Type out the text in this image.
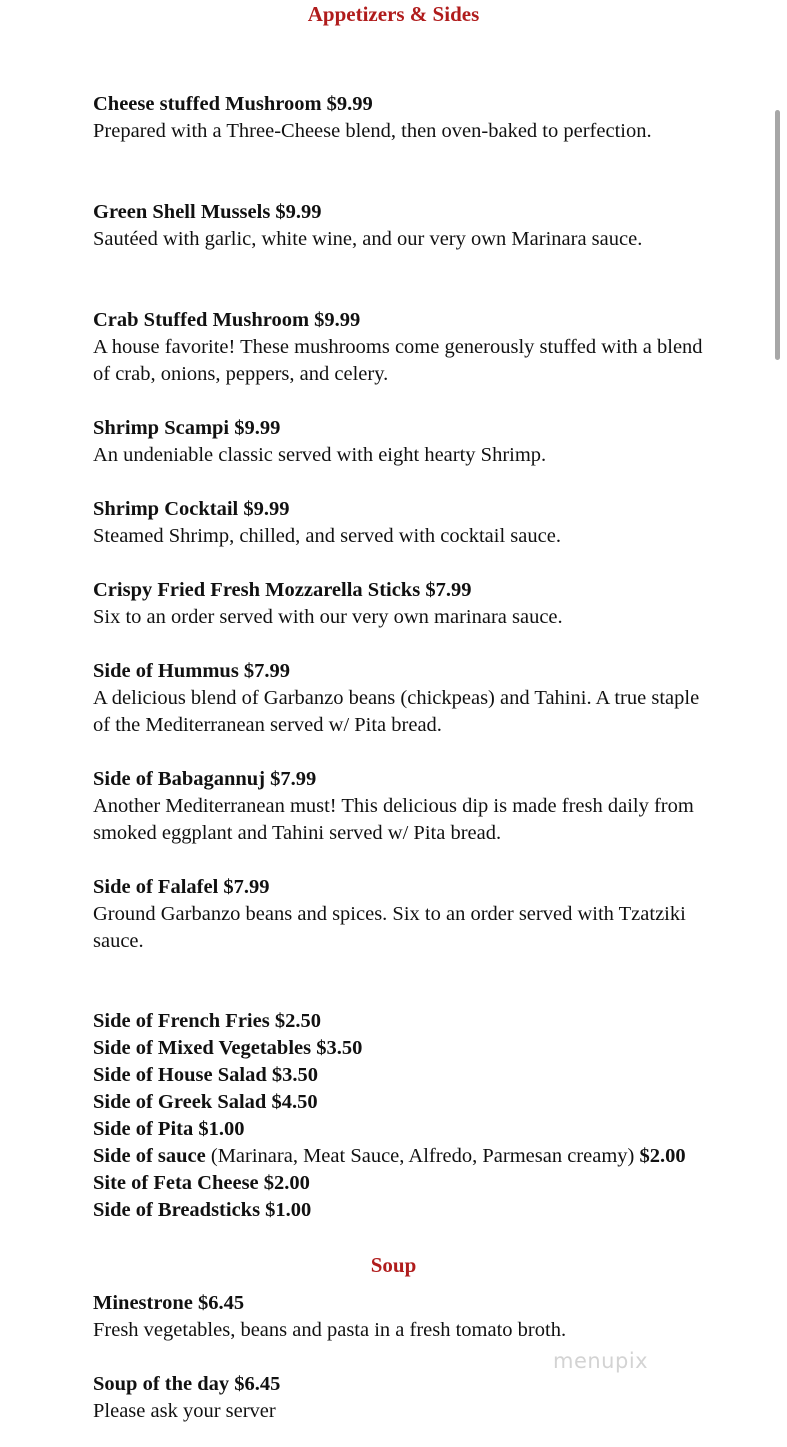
Appetizers & Sides
Cheese stuffed Mushroom $9.99
Prepared with a Three-Cheese blend, then oven-baked to perfection.
Green Shell Mussels $9.99
Sautéed with garlic, white wine, and our very own Marinara sauce.
Crab Stuffed Mushroom $9.99
A house favorite! These mushrooms come generously stuffed with a blend of crab, onions, peppers, and celery.
Shrimp Scampi $9.99
An undeniable classic served with eight hearty Shrimp.
Shrimp Cocktail $9.99
Steamed Shrimp, chilled, and served with cocktail sauce.
Crispy Fried Fresh Mozzarella Sticks $7.99
Six to an order served with our very own marinara sauce.
Side of Hummus $7.99
A delicious blend of Garbanzo beans (chickpeas) and Tahini. A true staple of the Mediterranean served w/ Pita bread.
Side of Babagannuj $7.99
Another Mediterranean must! This delicious dip is made fresh daily from smoked eggplant and Tahini served w/ Pita bread.
Side of Falafel $7.99
Ground Garbanzo beans and spices. Six to an order served with Tzatziki sauce.
Side of French Fries $2.50
Side of Mixed Vegetables $3.50
Side of House Salad $3.50
Side of Greek Salad $4.50
Side of Pita $1.00
Side of sauce (Marinara, Meat Sauce, Alfredo, Parmesan creamy) $2.00
Site of Feta Cheese $2.00
Side of Breadsticks $1.00
Soup
Minestrone $6.45
Fresh vegetables, beans and pasta in a fresh tomato broth.
Soup of the day $6.45
Please ask your server
menupix
